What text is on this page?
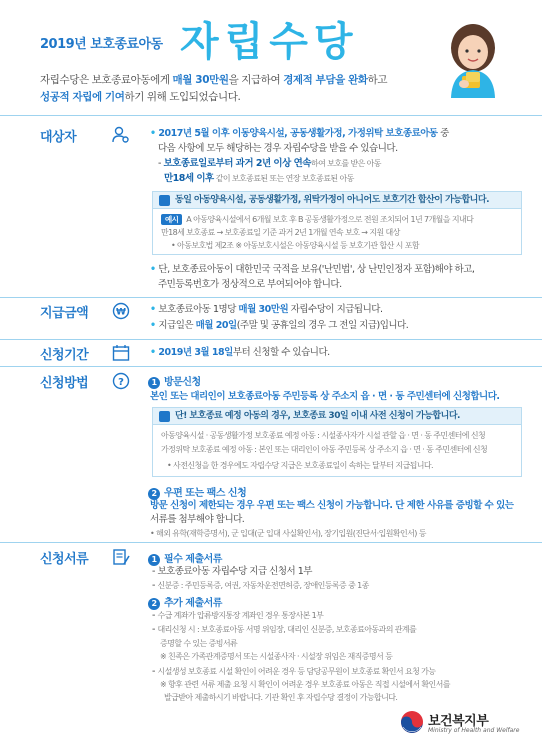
2019년 보호종료아동 자립수당
자립수당은 보호종료아동에게 매월 30만원을 지급하여 경제적 부담을 완화하고
성공적 자립에 기여하기 위해 도입되었습니다.
대상자	• 2017년 5월 이후 이동양육시설, 공동생활가정, 가정위탁 보호종료아동 중
다음 사항에 모두 해당하는 경우 자립수당을 받을 수 있습니다.
- 보호종료일로부터 과거 2년 이상 연속하여 보호를 받은 아동
만18세 이후 같이 보호종료된 또는 연장 보호종료된 아동
동일 아동양육시설, 공동생활가정, 위탁가정이 아니어도 보호기간 합산이 가능합니다.
예시 A 아동양육시설에서 6개월 보호 후 B 공동생활가정으로 전원 조치되어 1년 7개월을 지내다
만18세 보호종료 → 보호종료일 기준 과거 2년 1개월 연속 보호 → 지원 대상
• 아동보호법 제2조 ※ 아동보호시설은 아동양육시설 등 보호기관 합산 시 포함
• 단, 보호종료아동이 대한민국 국적을 보유('난민법', 상 난민인정자 포함)해야 하고,
주민등록번호가 정상적으로 부여되어야 합니다.
지급금액	₩	• 보호종료아동 1명당 매월 30만원 자립수당이 지급됩니다.
• 지급일은 매월 20일(주말 및 공휴일의 경우 그 전일 지급)입니다.
신청기간	• 2019년 3월 18일부터 신청할 수 있습니다.
신청방법	?	1 방문신청
본인 또는 대리인이 보호종료아동 주민등록 상 주소지 읍 · 면 · 동 주민센터에 신청합니다.
단! 보호종료 예정 아동의 경우, 보호종료 30일 이내 사전 신청이 가능합니다.
아동양육시설 · 공동생활가정 보호종료 예정 아동 : 시설종사자가 시설 관할 읍 · 면 · 동 주민센터에 신청
가정위탁 보호종료 예정 아동 : 본인 또는 대리인이 아동 주민등록 상 주소지 읍 · 면 · 동 주민센터에 신청
• 사전신청을 한 경우에도 자립수당 지급은 보호종료일이 속하는 달부터 지급됩니다.
2 우편 또는 팩스 신청
방문 신청이 제한되는 경우 우편 또는 팩스 신청이 가능합니다. 단 제한 사유를 증빙할 수 있는
서류를 첨부해야 합니다.
• 해외 유학(재학증명서), 군 입대(군 입대 사실확인서), 장기입원(진단서·입원확인서) 등
신청서류	1 필수 제출서류
- 보호종료아동 자립수당 지급 신청서 1부
- 신분증 : 주민등록증, 여권, 자동차운전면허증, 장애인등록증 중 1종
2 추가 제출서류
- 수급 계좌가 압류방지통장 계좌인 경우 통장사본 1부
- 대리신청 시 : 보호종료아동 서명 위임장, 대리인 신분증, 보호종료아동과의 관계를
증명할 수 있는 증빙서류
※ 친족은 가족관계증명서 또는 시설종사자 · 시설장 위임은 재직증명서 등
- 시설생성 보호종료 시설 확인이 어려운 경우 등 담당공무원이 보호종료 확인서 요청 가능
※ 향후 관련 서류 제출 요청 시 확인이 어려운 경우 보호종료 아동은 직접 시설에서 확인서를
발급받아 제출하시기 바랍니다. 기관 확인 후 자립수당 결정이 가능합니다.
보건복지부
Ministry of Health and Welfare
